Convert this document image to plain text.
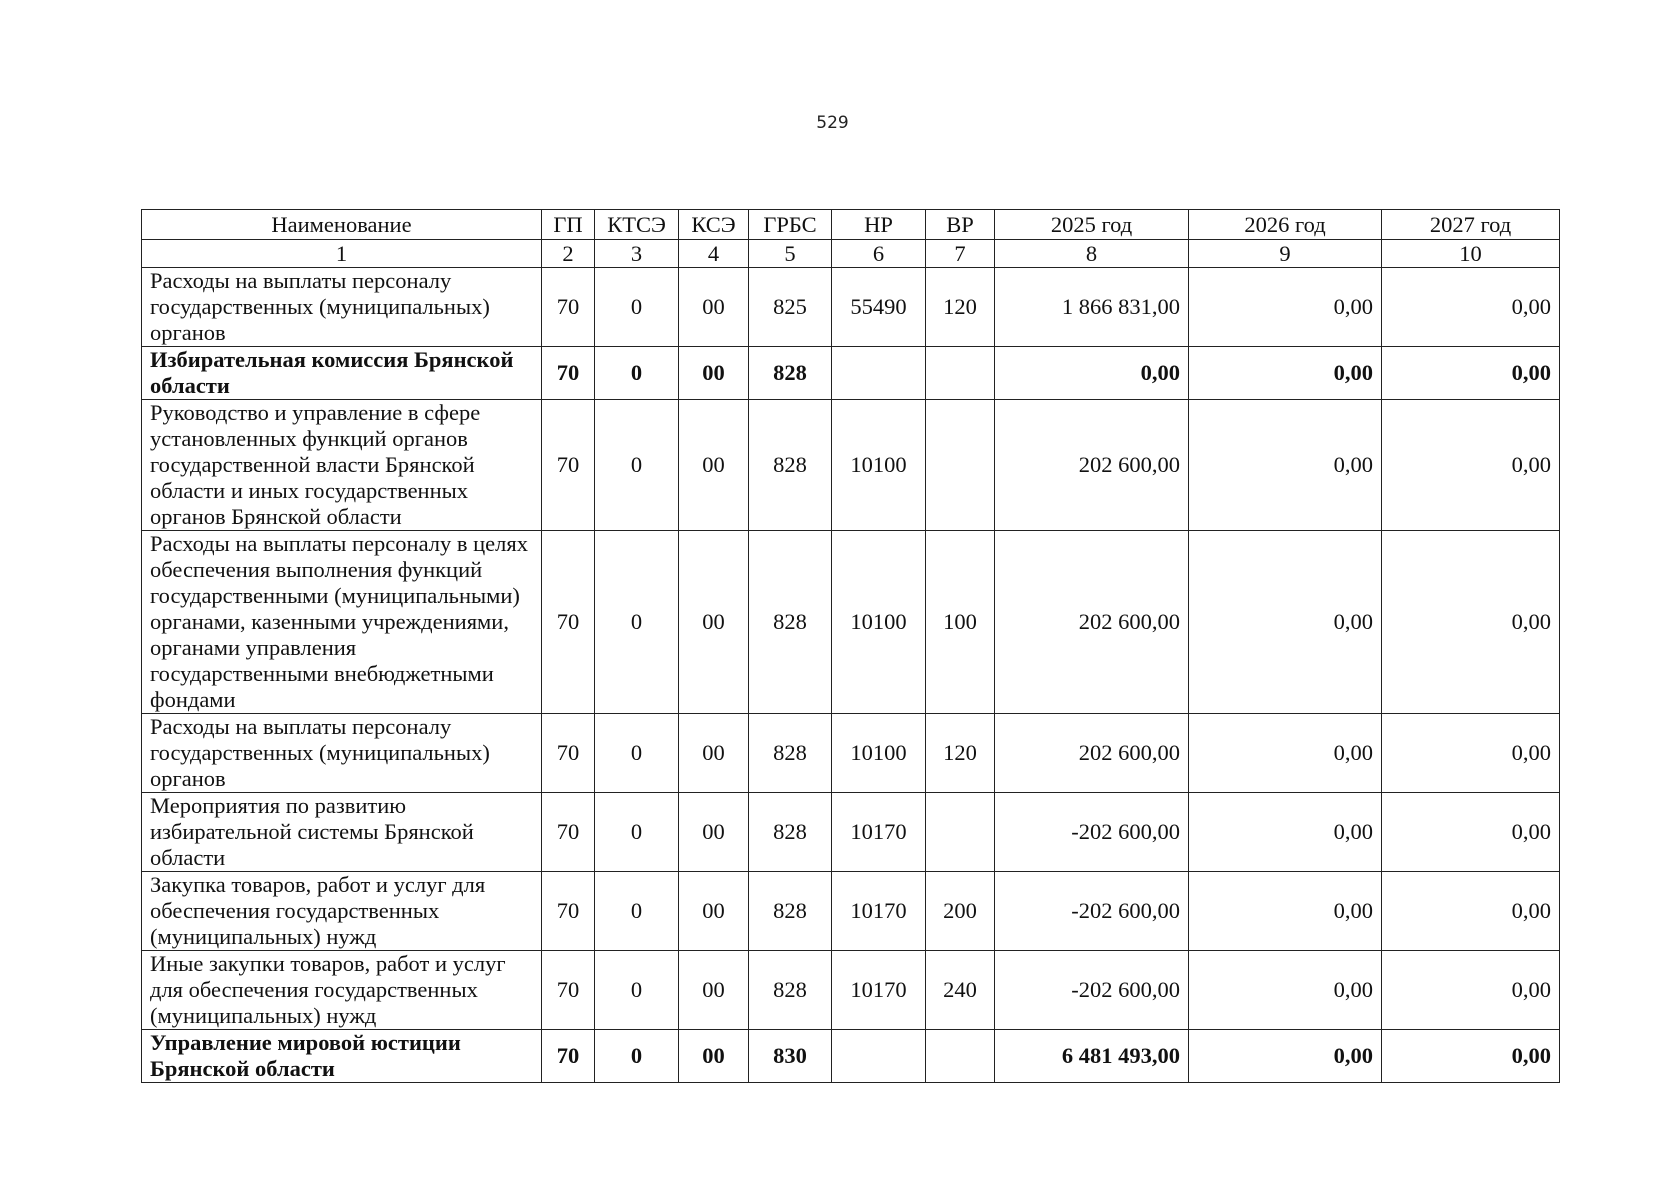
529
Наименование	ГП	КТСЭ	КСЭ	ГРБС	НР	ВР	2025 год	2026 год	2027 год
1	2	3	4	5	6	7	8	9	10
Расходы на выплаты персоналу государственных (муниципальных) органов	70	0	00	825	55490	120	1 866 831,00	0,00	0,00
Избирательная комиссия Брянской области	70	0	00	828			0,00	0,00	0,00
Руководство и управление в сфере установленных функций органов государственной власти Брянской области и иных государственных органов Брянской области	70	0	00	828	10100		202 600,00	0,00	0,00
Расходы на выплаты персоналу в целях обеспечения выполнения функций государственными (муниципальными) органами, казенными учреждениями, органами управления государственными внебюджетными фондами	70	0	00	828	10100	100	202 600,00	0,00	0,00
Расходы на выплаты персоналу государственных (муниципальных) органов	70	0	00	828	10100	120	202 600,00	0,00	0,00
Мероприятия по развитию избирательной системы Брянской области	70	0	00	828	10170		-202 600,00	0,00	0,00
Закупка товаров, работ и услуг для обеспечения государственных (муниципальных) нужд	70	0	00	828	10170	200	-202 600,00	0,00	0,00
Иные закупки товаров, работ и услуг для обеспечения государственных (муниципальных) нужд	70	0	00	828	10170	240	-202 600,00	0,00	0,00
Управление мировой юстиции Брянской области	70	0	00	830			6 481 493,00	0,00	0,00
